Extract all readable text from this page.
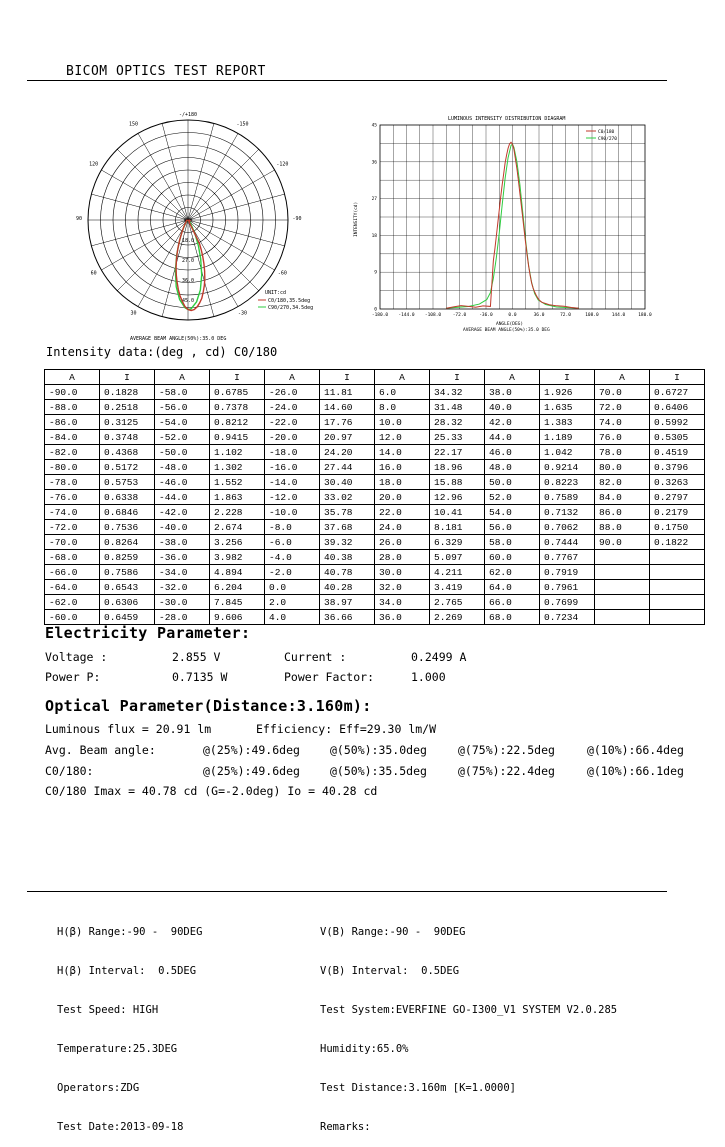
BICOM OPTICS TEST REPORT
-/+180
-150
150
-120
120
-90
90
-60
60
-30
30
9.0
18.0
27.0
36.0
45.0
UNIT:cd
C0/180,35.5deg
C90/270,34.5deg
AVERAGE BEAM ANGLE(50%):35.0 DEG
LUMINOUS INTENSITY DISTRIBUTION DIAGRAM
-180.0 -144.0 -108.0	-72.0	-36.0	0.0	36.0	72.0	108.0	144.0	180.0
0
9
18
27
36
45
INTENSITY(cd)
ANGLE(DEG)
AVERAGE BEAM ANGLE(50%):35.0 DEG
C0/180
C90/270
Intensity data:(deg , cd) C0/180
A	I	A	I	A	I	A	I	A	I	A	I
-90.0	0.1828	-58.0	0.6785	-26.0	11.81	6.0	34.32	38.0	1.926	70.0	0.6727
-88.0	0.2518	-56.0	0.7378	-24.0	14.60	8.0	31.48	40.0	1.635	72.0	0.6406
-86.0	0.3125	-54.0	0.8212	-22.0	17.76	10.0	28.32	42.0	1.383	74.0	0.5992
-84.0	0.3748	-52.0	0.9415	-20.0	20.97	12.0	25.33	44.0	1.189	76.0	0.5305
-82.0	0.4368	-50.0	1.102	-18.0	24.20	14.0	22.17	46.0	1.042	78.0	0.4519
-80.0	0.5172	-48.0	1.302	-16.0	27.44	16.0	18.96	48.0	0.9214	80.0	0.3796
-78.0	0.5753	-46.0	1.552	-14.0	30.40	18.0	15.88	50.0	0.8223	82.0	0.3263
-76.0	0.6338	-44.0	1.863	-12.0	33.02	20.0	12.96	52.0	0.7589	84.0	0.2797
-74.0	0.6846	-42.0	2.228	-10.0	35.78	22.0	10.41	54.0	0.7132	86.0	0.2179
-72.0	0.7536	-40.0	2.674	-8.0	37.68	24.0	8.181	56.0	0.7062	88.0	0.1750
-70.0	0.8264	-38.0	3.256	-6.0	39.32	26.0	6.329	58.0	0.7444	90.0	0.1822
-68.0	0.8259	-36.0	3.982	-4.0	40.38	28.0	5.097	60.0	0.7767		
-66.0	0.7586	-34.0	4.894	-2.0	40.78	30.0	4.211	62.0	0.7919		
-64.0	0.6543	-32.0	6.204	0.0	40.28	32.0	3.419	64.0	0.7961		
-62.0	0.6306	-30.0	7.845	2.0	38.97	34.0	2.765	66.0	0.7699		
-60.0	0.6459	-28.0	9.606	4.0	36.66	36.0	2.269	68.0	0.7234		
Electricity Parameter:
Voltage :	2.855 V	Current :	0.2499 A
Power P:	0.7135 W	Power Factor:	1.000
Optical Parameter(Distance:3.160m):
Luminous flux = 20.91 lm	Efficiency: Eff=29.30 lm/W
Avg. Beam angle:	@(25%):49.6deg	@(50%):35.0deg	@(75%):22.5deg	@(10%):66.4deg
C0/180:	@(25%):49.6deg	@(50%):35.5deg	@(75%):22.4deg	@(10%):66.1deg
C0/180 Imax = 40.78 cd (G=-2.0deg) Io = 40.28 cd

H(β) Range:-90 -  90DEG

H(β) Interval:  0.5DEG

Test Speed: HIGH

Temperature:25.3DEG

Operators:ZDG

Test Date:2013-09-18

V(B) Range:-90 -  90DEG

V(B) Interval:  0.5DEG

Test System:EVERFINE GO-I300_V1 SYSTEM V2.0.285

Humidity:65.0%

Test Distance:3.160m [K=1.0000]

Remarks:
